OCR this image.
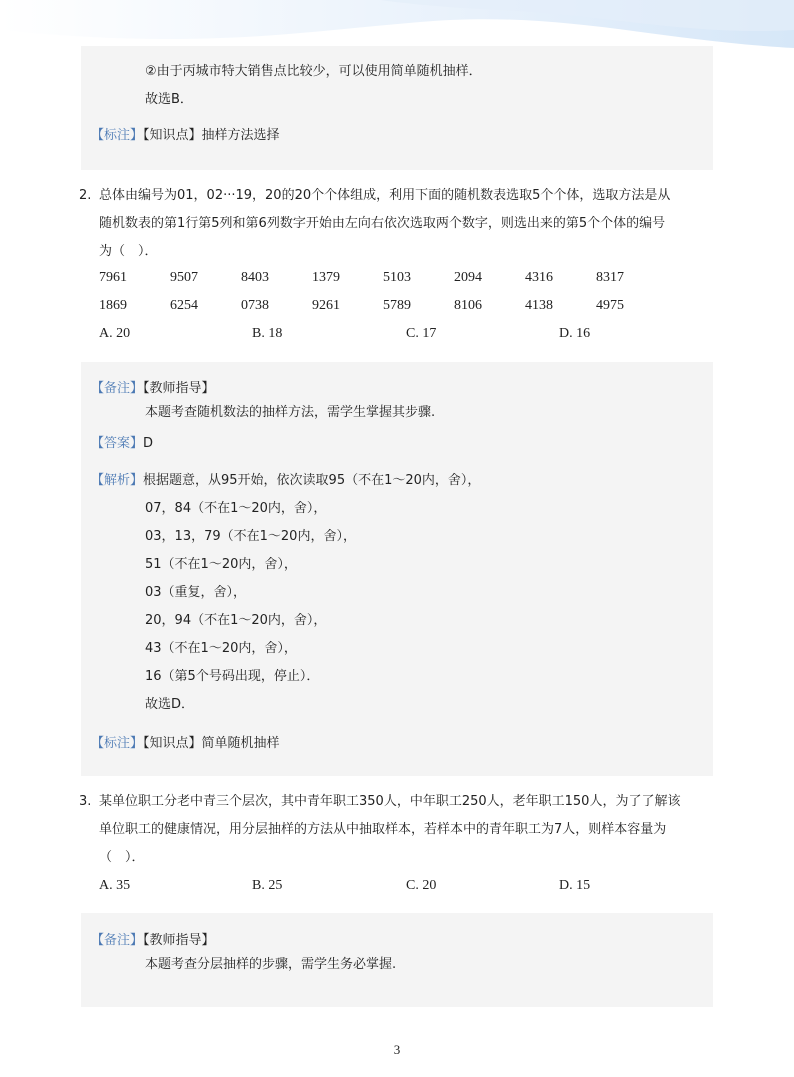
②由于丙城市特大销售点比较少，可以使用简单随机抽样．
故选B．
【标注】【知识点】抽样方法选择
2. 总体由编号为01，02···19，20的20个个体组成，利用下面的随机数表选取5个个体，选取方法是从
随机数表的第1行第5列和第6列数字开始由左向右依次选取两个数字，则选出来的第5个个体的编号
为（　）．
7961	9507	8403	1379	5103	2094	4316	8317
1869	6254	0738	9261	5789	8106	4138	4975
A. 20	B. 18	C. 17	D. 16
【备注】【教师指导】
本题考查随机数法的抽样方法，需学生掌握其步骤.
【答案】D
【解析】根据题意，从95开始，依次读取95（不在1～20内，舍），
07，84（不在1～20内，舍），
03，13，79（不在1～20内，舍），
51（不在1～20内，舍），
03（重复，舍），
20，94（不在1～20内，舍），
43（不在1～20内，舍），
16（第5个号码出现，停止）．
故选D．
【标注】【知识点】简单随机抽样
3. 某单位职工分老中青三个层次，其中青年职工350人，中年职工250人，老年职工150人，为了了解该
单位职工的健康情况，用分层抽样的方法从中抽取样本，若样本中的青年职工为7人，则样本容量为
（　）．
A. 35	B. 25	C. 20	D. 15
【备注】【教师指导】
本题考查分层抽样的步骤，需学生务必掌握.
3
